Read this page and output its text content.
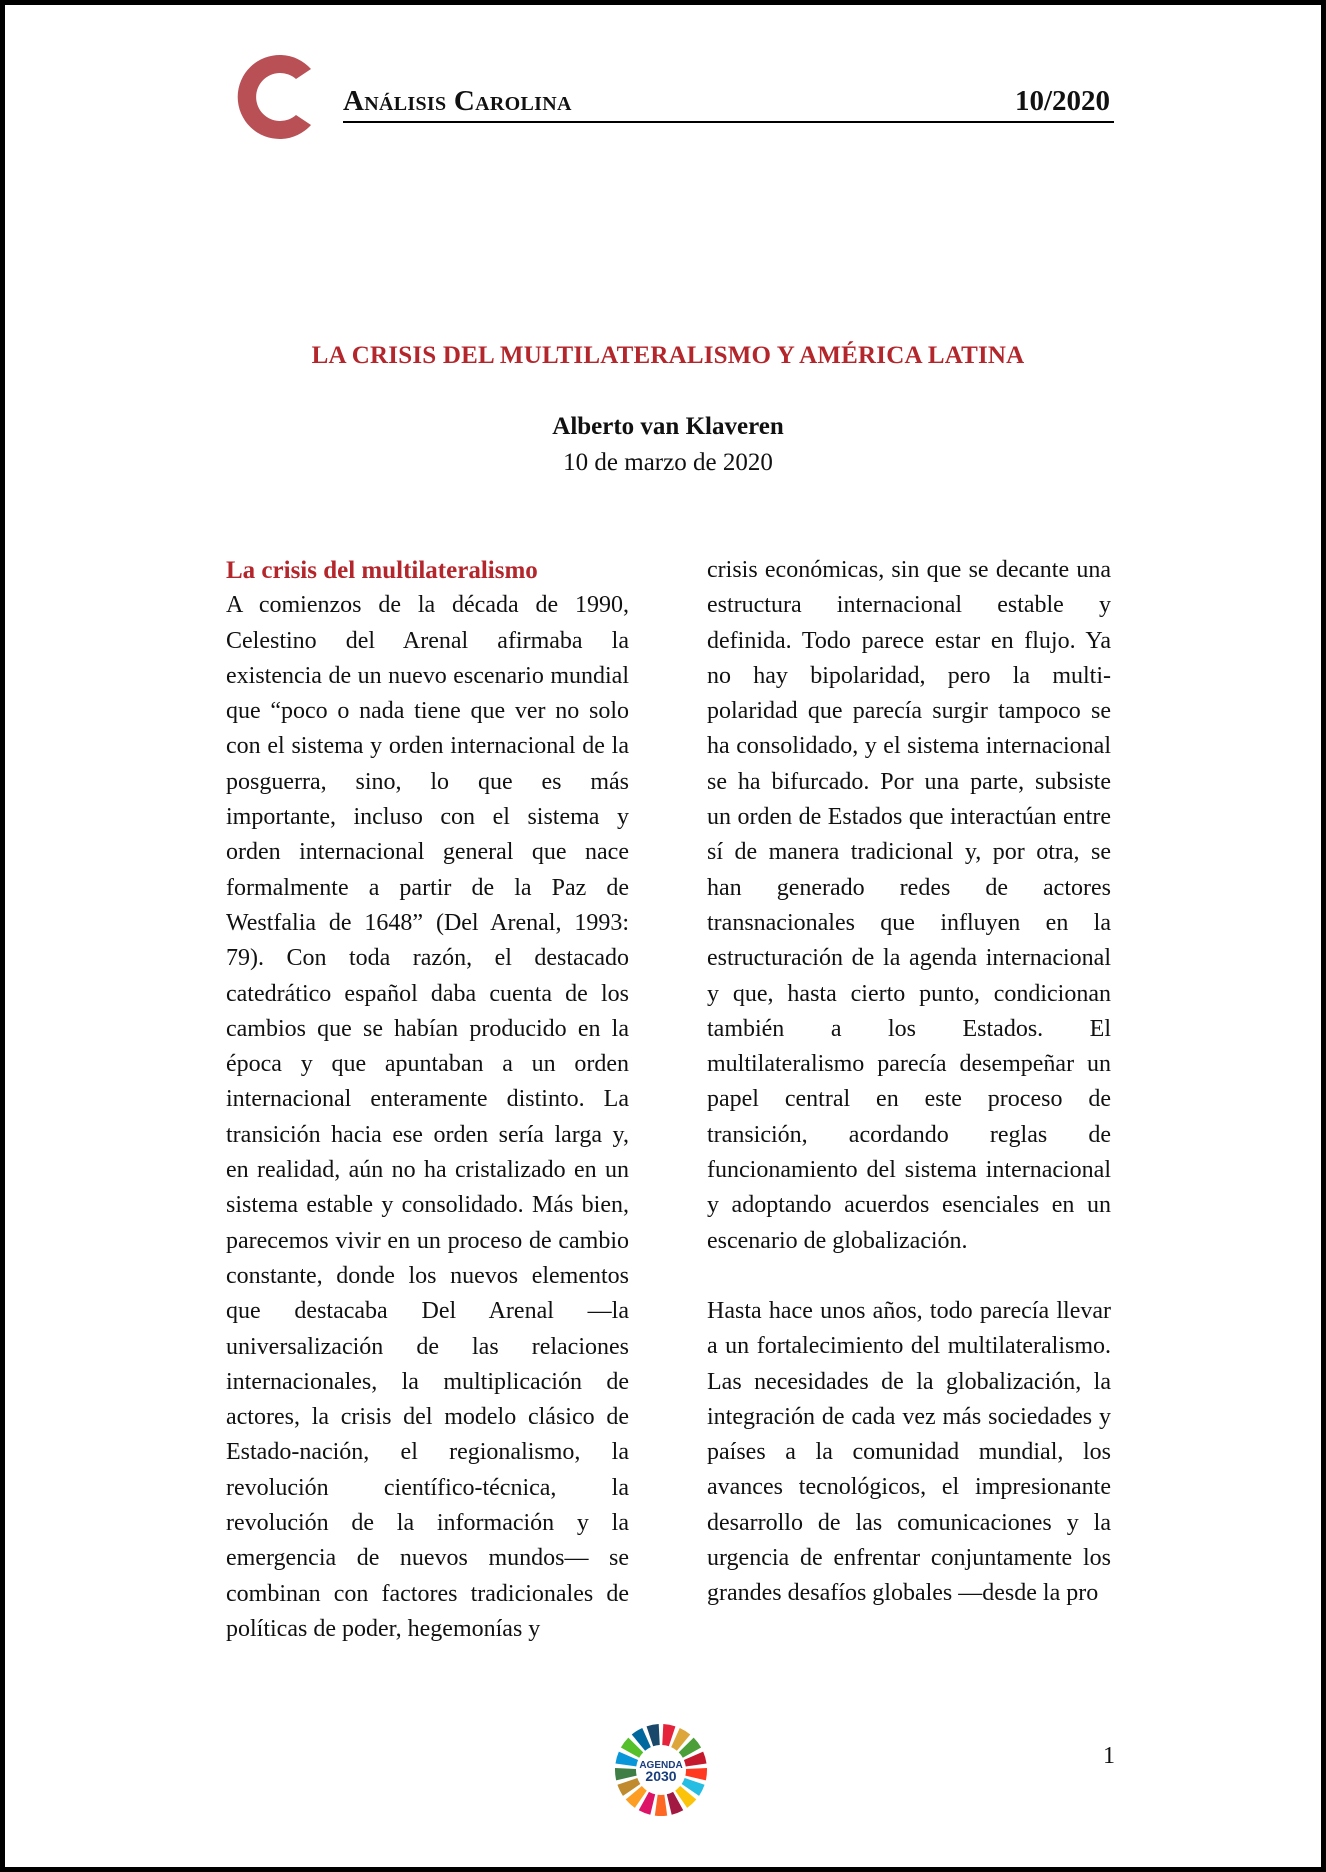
Análisis Carolina	10/2020
LA CRISIS DEL MULTILATERALISMO Y AMÉRICA LATINA
Alberto van Klaveren
10 de marzo de 2020
La crisis del multilateralismo

A comienzos de la década de 1990, Celestino del Arenal afirmaba la existencia de un nuevo escenario mundial que “poco o nada tiene que ver no solo con el sistema y orden internacional de la posguerra, sino, lo que es más importante, incluso con el sistema y orden internacional general que nace formalmente a partir de la Paz de Westfalia de 1648” (Del Arenal, 1993: 79). Con toda razón, el destacado catedrático español daba cuenta de los cambios que se habían producido en la época y que apuntaban a un orden internacional enteramente distinto. La transición hacia ese orden sería larga y, en realidad, aún no ha cristalizado en un sistema estable y consolidado. Más bien, parecemos vivir en un proceso de cambio constante, donde los nuevos elementos que destacaba Del Arenal —la universalización de las relaciones internacionales, la multiplicación de actores, la crisis del modelo clásico de Estado-nación, el regionalismo, la revolución científico-técnica, la revolución de la información y la emergencia de nuevos mundos— se combinan con factores tradicionales de políticas de poder, hegemonías y

crisis económicas, sin que se decante una estructura internacional estable y definida. Todo parece estar en flujo. Ya no hay bipolaridad, pero la multipolaridad que parecía surgir tampoco se ha consolidado, y el sistema internacional se ha bifurcado. Por una parte, subsiste un orden de Estados que interactúan entre sí de manera tradicional y, por otra, se han generado redes de actores transnacionales que influyen en la estructuración de la agenda internacional y que, hasta cierto punto, condicionan también a los Estados. El multilateralismo parecía desempeñar un papel central en este proceso de transición, acordando reglas de funcionamiento del sistema internacional y adoptando acuerdos esenciales en un escenario de globalización.

Hasta hace unos años, todo parecía llevar a un fortalecimiento del multilateralismo. Las necesidades de la globalización, la integración de cada vez más sociedades y países a la comunidad mundial, los avances tecnológicos, el impresionante desarrollo de las comunicaciones y la urgencia de enfrentar conjuntamente los grandes desafíos globales —desde la pro

AGENDA
2030
1
